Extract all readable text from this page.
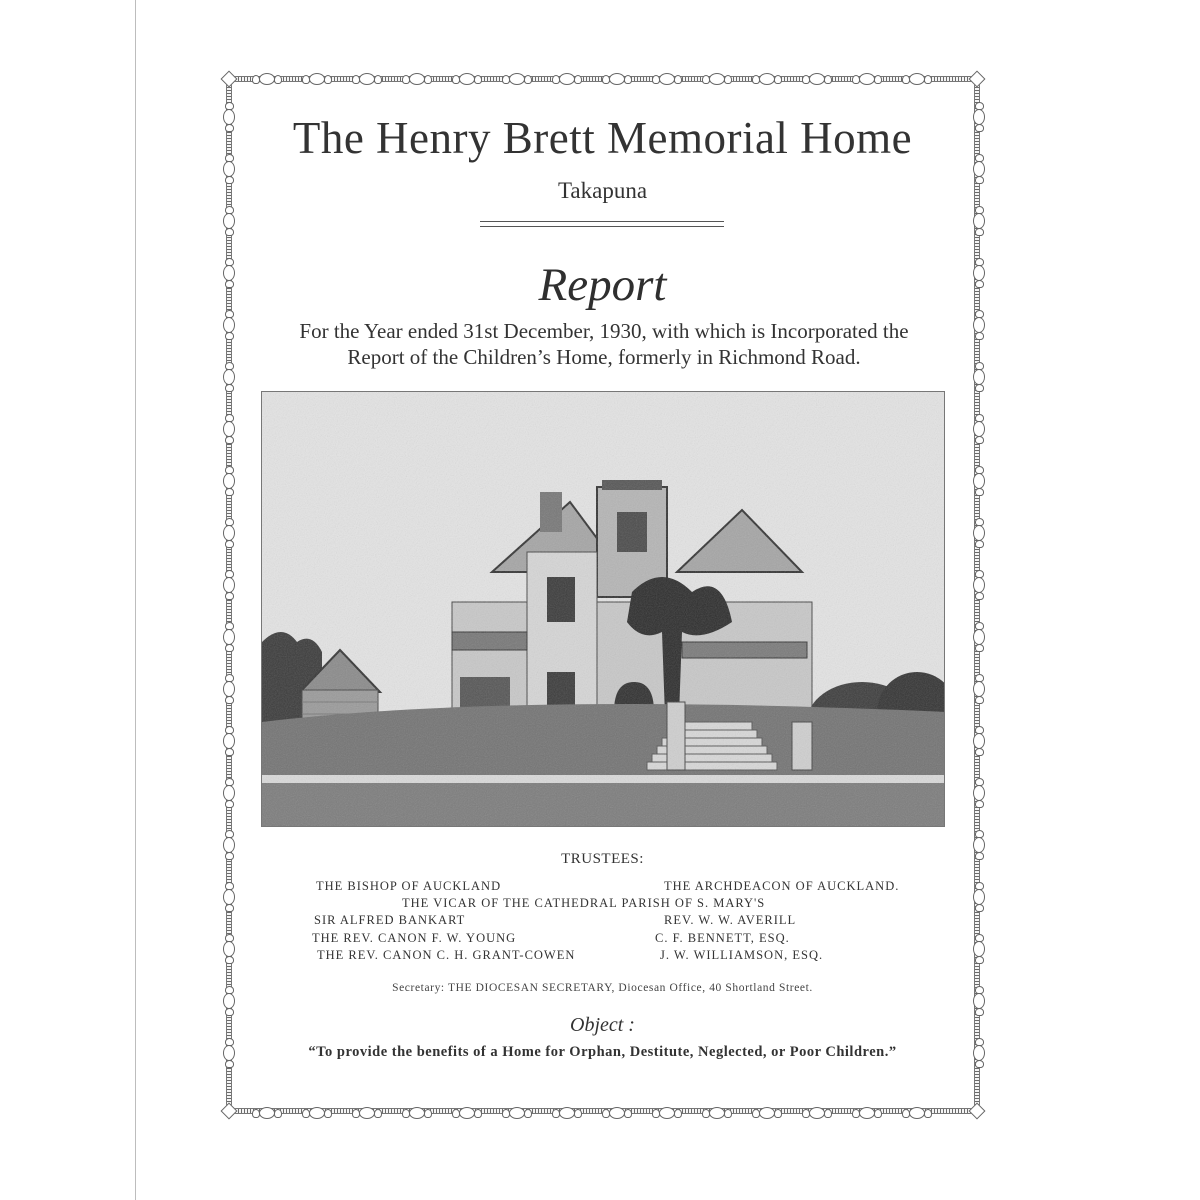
The Henry Brett Memorial Home
Takapuna
Report
For the Year ended 31st December, 1930, with which is Incorporated the
Report of the Children’s Home, formerly in Richmond Road.
TRUSTEES:
THE BISHOP OF AUCKLAND	THE ARCHDEACON OF AUCKLAND.
THE VICAR OF THE CATHEDRAL PARISH OF S. MARY'S
SIR ALFRED BANKART	REV. W. W. AVERILL
THE REV. CANON F. W. YOUNG	C. F. BENNETT, ESQ.
THE REV. CANON C. H. GRANT-COWEN	J. W. WILLIAMSON, ESQ.
Secretary: THE DIOCESAN SECRETARY, Diocesan Office, 40 Shortland Street.
Object :
“To provide the benefits of a Home for Orphan, Destitute, Neglected, or Poor Children.”
